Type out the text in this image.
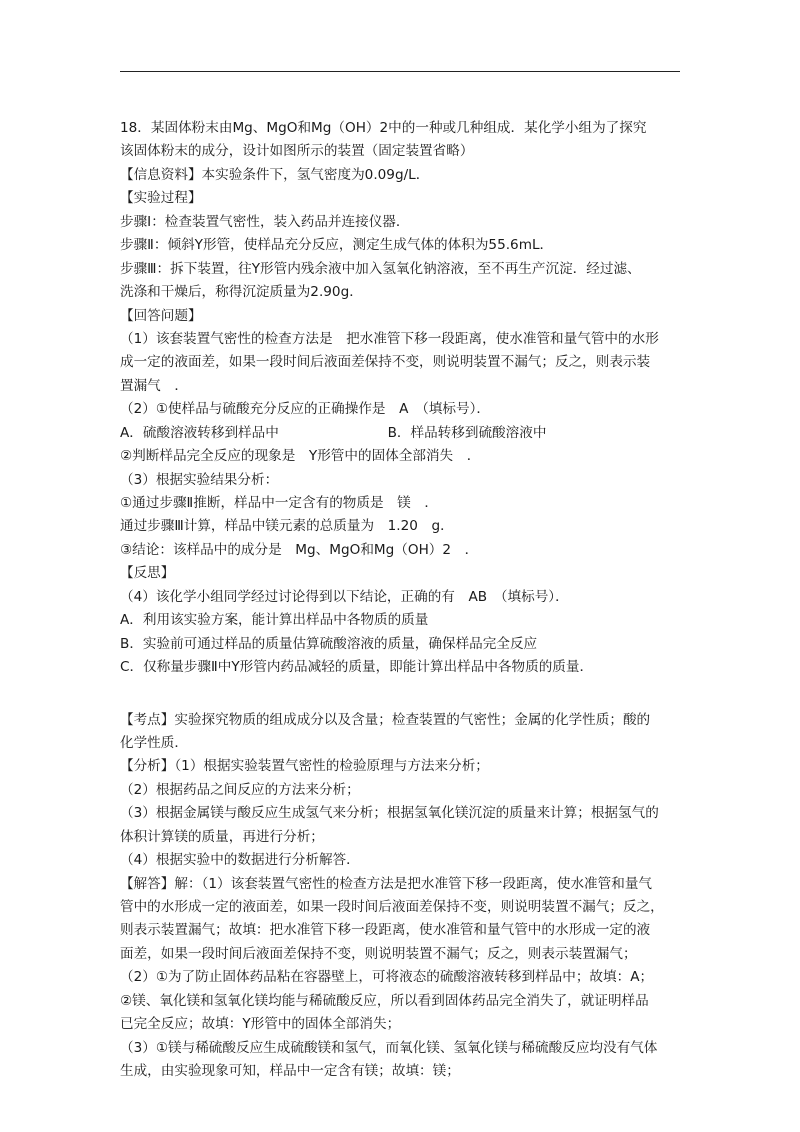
18．某固体粉末由Mg、MgO和Mg（OH）2中的一种或几种组成．某化学小组为了探究
该固体粉末的成分，设计如图所示的装置（固定装置省略）
【信息资料】本实验条件下，氢气密度为0.09g/L．
【实验过程】
步骤Ⅰ：检查装置气密性，装入药品并连接仪器．
步骤Ⅱ：倾斜Y形管，使样品充分反应，测定生成气体的体积为55.6mL．
步骤Ⅲ：拆下装置，往Y形管内残余液中加入氢氧化钠溶液，至不再生产沉淀．经过滤、
洗涤和干燥后，称得沉淀质量为2.90g．
【回答问题】
（1）该套装置气密性的检查方法是　把水准管下移一段距离，使水准管和量气管中的水形
成一定的液面差，如果一段时间后液面差保持不变，则说明装置不漏气；反之，则表示装
置漏气　．
（2）①使样品与硫酸充分反应的正确操作是　A　（填标号）．
A．硫酸溶液转移到样品中　　　　　　　　B．样品转移到硫酸溶液中
②判断样品完全反应的现象是　Y形管中的固体全部消失　．
（3）根据实验结果分析：
①通过步骤Ⅱ推断，样品中一定含有的物质是　镁　．
通过步骤Ⅲ计算，样品中镁元素的总质量为　1.20　g．
③结论：该样品中的成分是　Mg、MgO和Mg（OH）2　．
【反思】
（4）该化学小组同学经过讨论得到以下结论，正确的有　AB　（填标号）．
A．利用该实验方案，能计算出样品中各物质的质量
B．实验前可通过样品的质量估算硫酸溶液的质量，确保样品完全反应
C．仅称量步骤Ⅱ中Y形管内药品减轻的质量，即能计算出样品中各物质的质量．
【考点】实验探究物质的组成成分以及含量；检查装置的气密性；金属的化学性质；酸的
化学性质．
【分析】（1）根据实验装置气密性的检验原理与方法来分析；
（2）根据药品之间反应的方法来分析；
（3）根据金属镁与酸反应生成氢气来分析；根据氢氧化镁沉淀的质量来计算；根据氢气的
体积计算镁的质量，再进行分析；
（4）根据实验中的数据进行分析解答．
【解答】解：（1）该套装置气密性的检查方法是把水准管下移一段距离，使水准管和量气
管中的水形成一定的液面差，如果一段时间后液面差保持不变，则说明装置不漏气；反之，
则表示装置漏气；故填：把水准管下移一段距离，使水准管和量气管中的水形成一定的液
面差，如果一段时间后液面差保持不变，则说明装置不漏气；反之，则表示装置漏气；
（2）①为了防止固体药品粘在容器壁上，可将液态的硫酸溶液转移到样品中；故填：A；
②镁、氧化镁和氢氧化镁均能与稀硫酸反应，所以看到固体药品完全消失了，就证明样品
已完全反应；故填：Y形管中的固体全部消失；
（3）①镁与稀硫酸反应生成硫酸镁和氢气，而氧化镁、氢氧化镁与稀硫酸反应均没有气体
生成，由实验现象可知，样品中一定含有镁；故填：镁；
